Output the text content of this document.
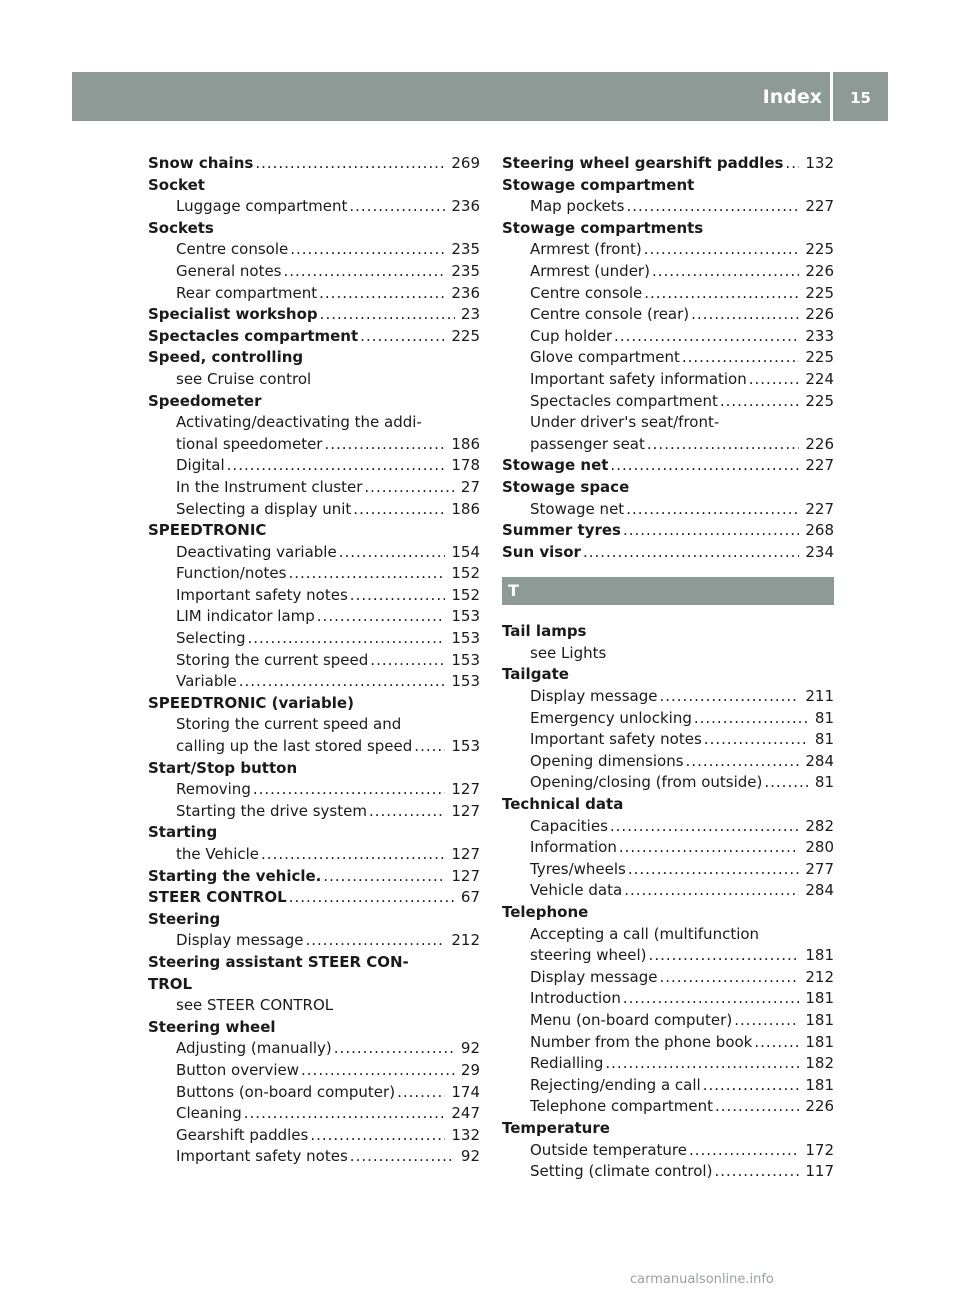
Index	15
Snow chains .....	269
Socket
Luggage compartment .....	236
Sockets
Centre console .....	235
General notes .....	235
Rear compartment .....	236
Specialist workshop .....	23
Spectacles compartment .....	225
Speed, controlling
see Cruise control
Speedometer
Activating/deactivating the addi-
tional speedometer .....	186
Digital .....	178
In the Instrument cluster .....	27
Selecting a display unit .....	186
SPEEDTRONIC
Deactivating variable .....	154
Function/notes .....	152
Important safety notes .....	152
LIM indicator lamp .....	153
Selecting .....	153
Storing the current speed .....	153
Variable .....	153
SPEEDTRONIC (variable)
Storing the current speed and
calling up the last stored speed .....	153
Start/Stop button
Removing .....	127
Starting the drive system .....	127
Starting
the Vehicle .....	127
Starting the vehicle. .....	127
STEER CONTROL .....	67
Steering
Display message .....	212
Steering assistant STEER CON-
TROL
see STEER CONTROL
Steering wheel
Adjusting (manually) .....	92
Button overview .....	29
Buttons (on-board computer) .....	174
Cleaning .....	247
Gearshift paddles .....	132
Important safety notes .....	92
Steering wheel gearshift paddles ..... 132
Stowage compartment
Map pockets .....	227
Stowage compartments
Armrest (front) .....	225
Armrest (under) .....	226
Centre console .....	225
Centre console (rear) .....	226
Cup holder .....	233
Glove compartment .....	225
Important safety information .....	224
Spectacles compartment .....	225
Under driver's seat/front-
passenger seat .....	226
Stowage net .....	227
Stowage space
Stowage net .....	227
Summer tyres .....	268
Sun visor .....	234
T
Tail lamps
see Lights
Tailgate
Display message .....	211
Emergency unlocking .....	81
Important safety notes .....	81
Opening dimensions .....	284
Opening/closing (from outside) .....	81
Technical data
Capacities .....	282
Information .....	280
Tyres/wheels .....	277
Vehicle data .....	284
Telephone
Accepting a call (multifunction
steering wheel) .....	181
Display message .....	212
Introduction .....	181
Menu (on-board computer) .....	181
Number from the phone book .....	181
Redialling .....	182
Rejecting/ending a call .....	181
Telephone compartment .....	226
Temperature
Outside temperature .....	172
Setting (climate control) .....	117
carmanualsonline.info
